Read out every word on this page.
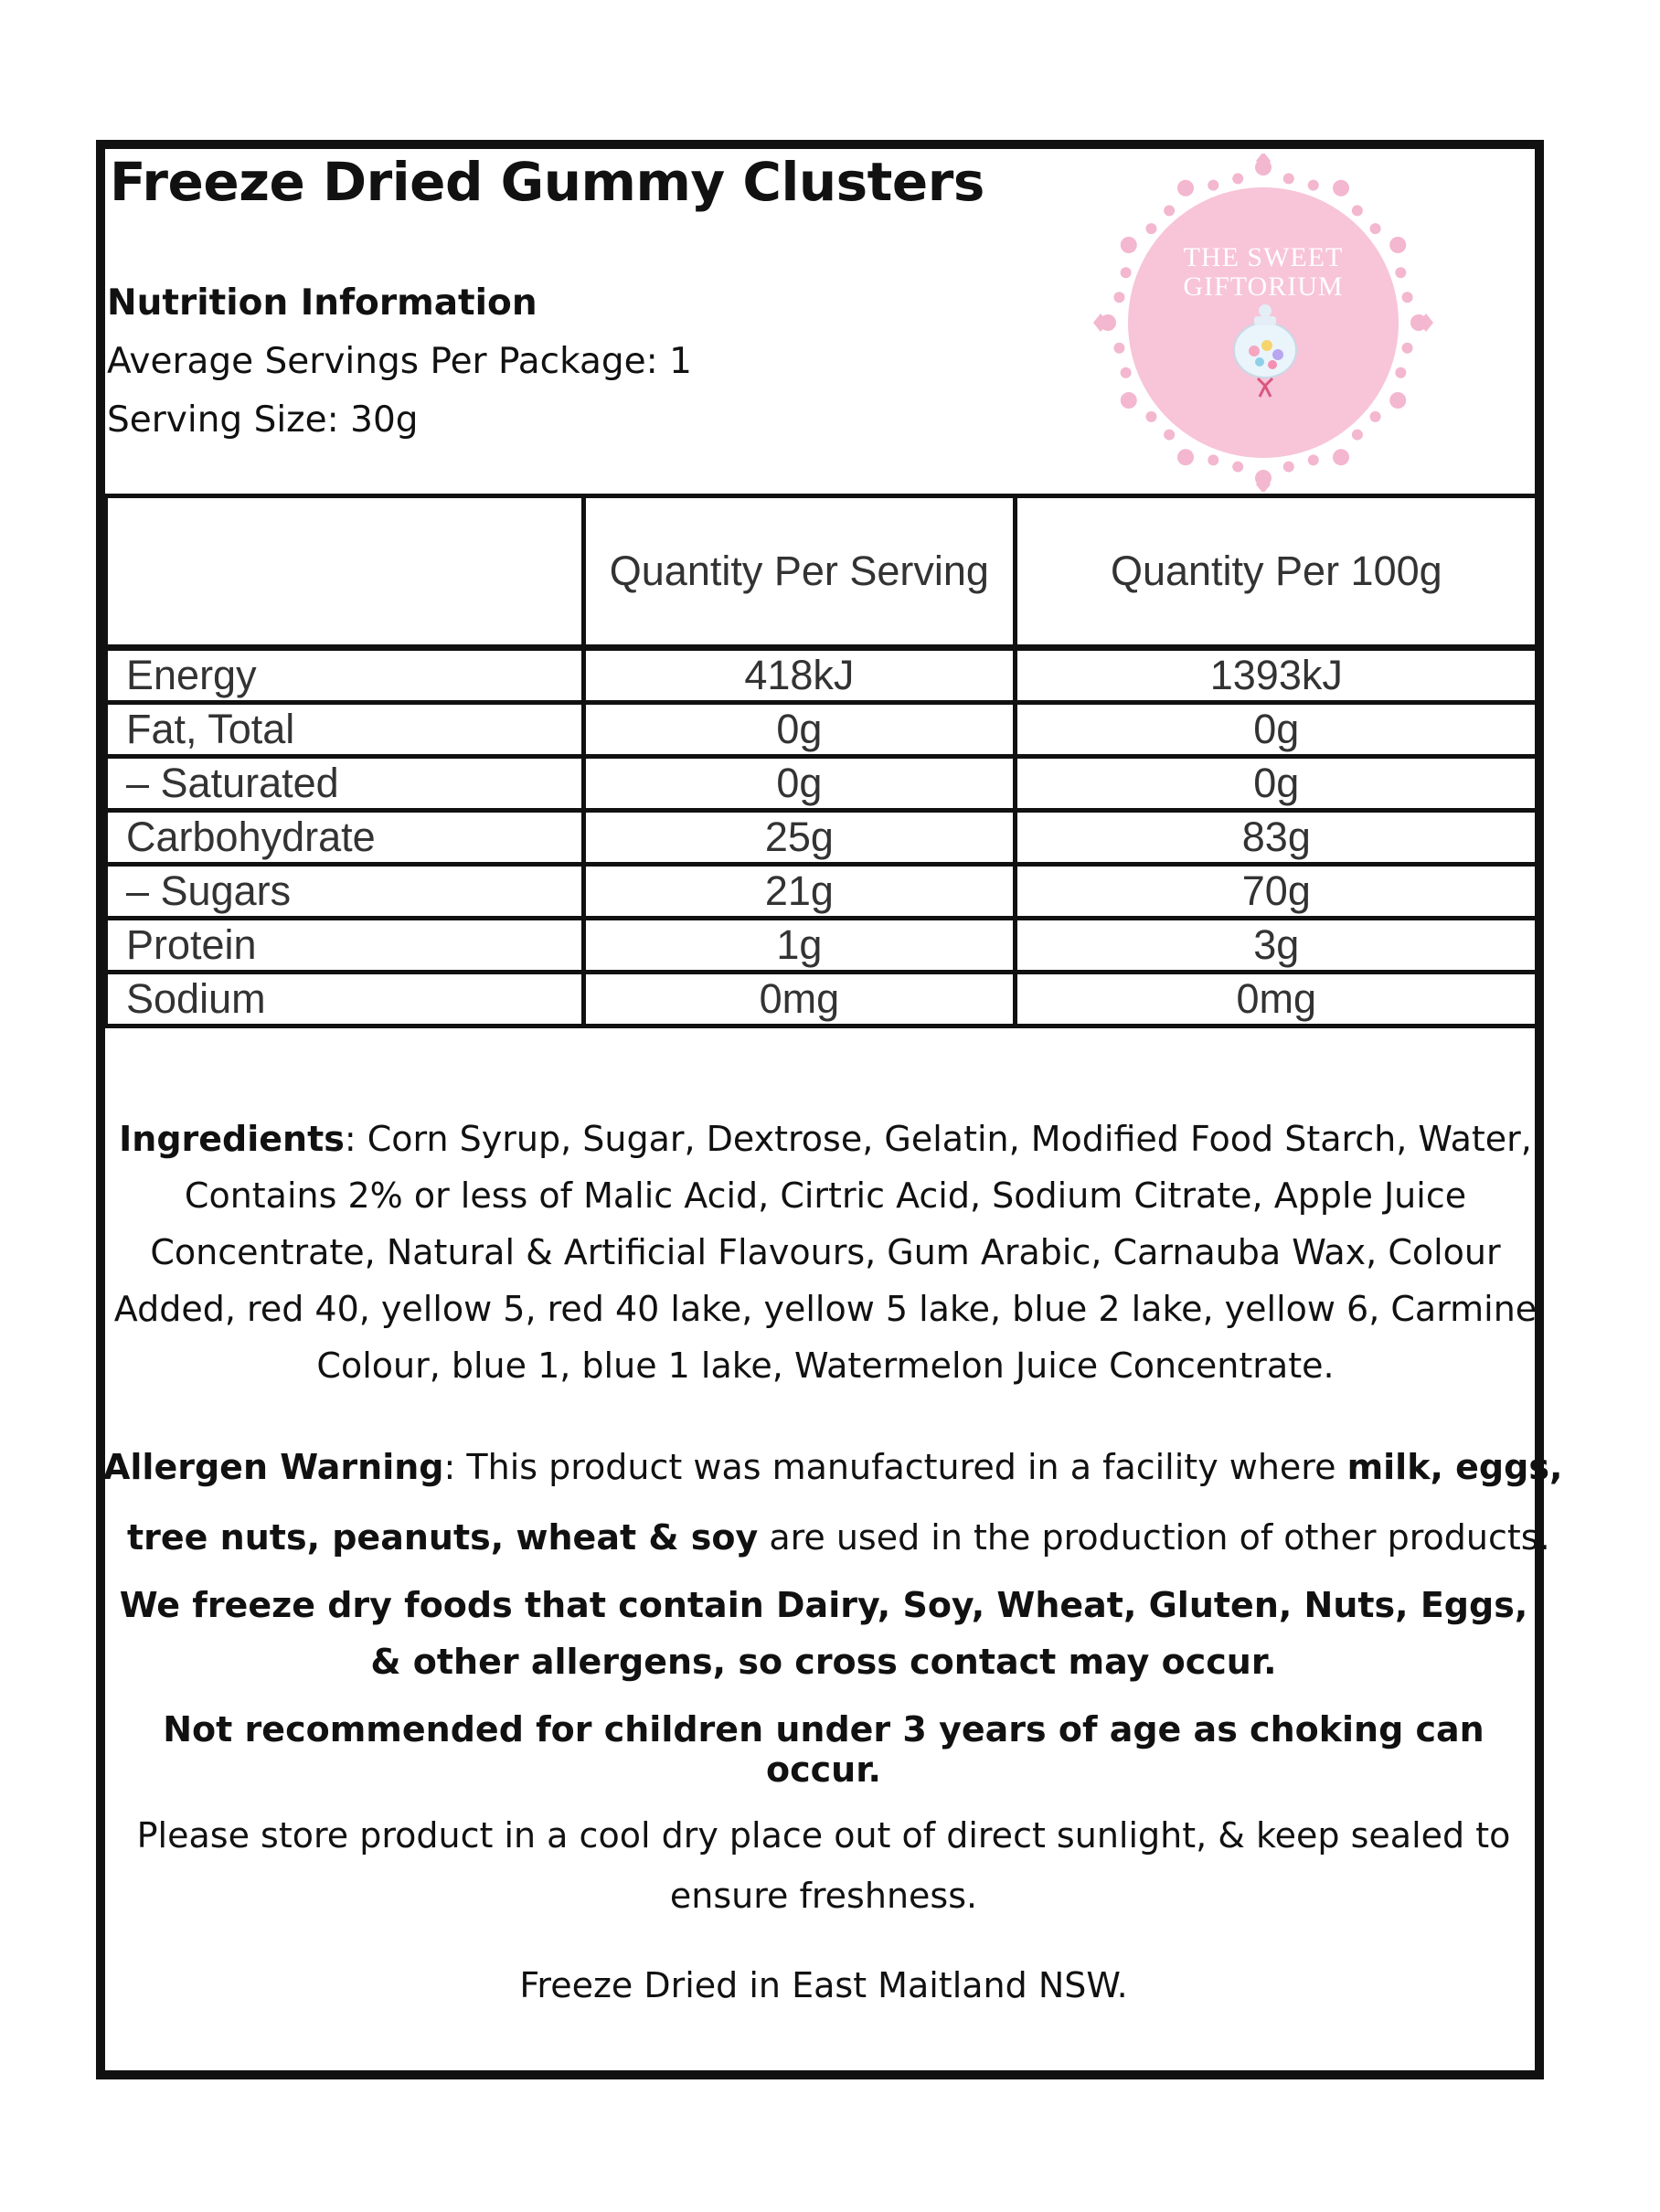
Freeze Dried Gummy Clusters
Nutrition Information
Average Servings Per Package: 1
Serving Size: 30g
THE SWEET
GIFTORIUM
	Quantity Per Serving	Quantity Per 100g
Energy	418kJ	1393kJ
Fat, Total	0g	0g
– Saturated	0g	0g
Carbohydrate	25g	83g
– Sugars	21g	70g
Protein	1g	3g
Sodium	0mg	0mg
Ingredients: Corn Syrup, Sugar, Dextrose, Gelatin, Modified Food Starch, Water, Contains 2% or less of Malic Acid, Cirtric Acid, Sodium Citrate, Apple Juice Concentrate, Natural & Artificial Flavours, Gum Arabic, Carnauba Wax, Colour Added, red 40, yellow 5, red 40 lake, yellow 5 lake, blue 2 lake, yellow 6, Carmine Colour, blue 1, blue 1 lake, Watermelon Juice Concentrate.

Allergen Warning: This product was manufactured in a facility where milk, eggs,

tree nuts, peanuts, wheat & soy are used in the production of other products.

We freeze dry foods that contain Dairy, Soy, Wheat, Gluten, Nuts, Eggs, & other allergens, so cross contact may occur.
Not recommended for children under 3 years of age as choking can occur.
Please store product in a cool dry place out of direct sunlight, & keep sealed to ensure freshness.
Freeze Dried in East Maitland NSW.
